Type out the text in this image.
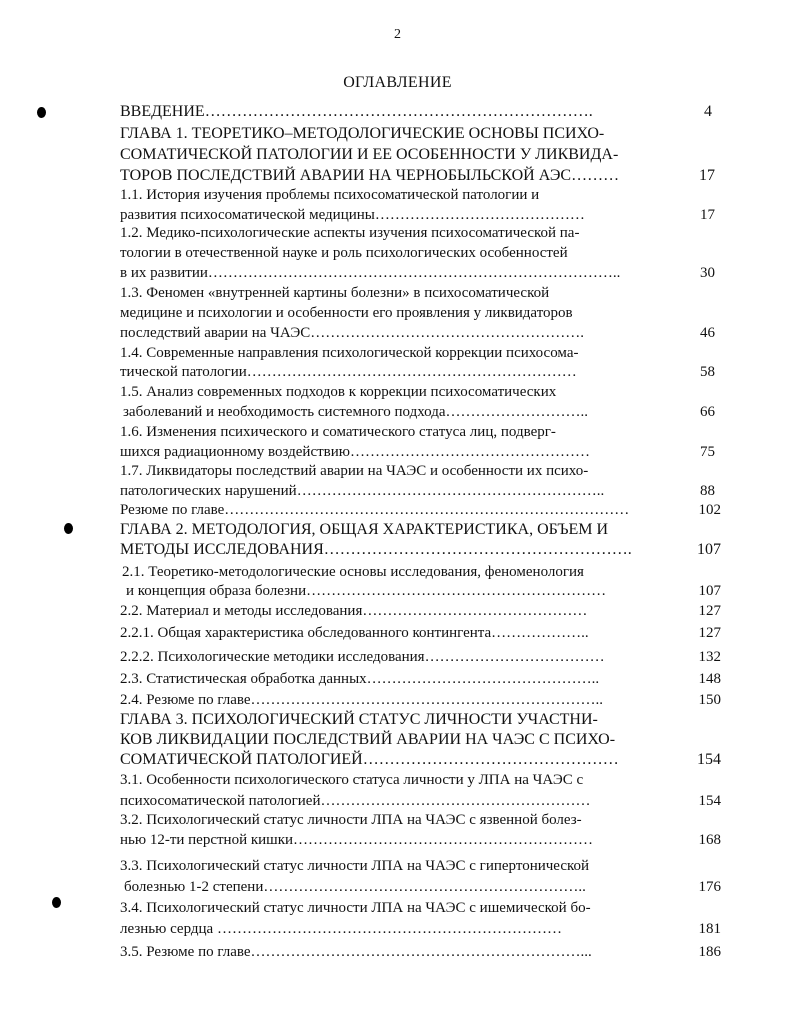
2
ОГЛАВЛЕНИЕ
ВВЕДЕНИЕ……………………………………………………………….	4
ГЛАВА 1. ТЕОРЕТИКО–МЕТОДОЛОГИЧЕСКИЕ ОСНОВЫ ПСИХО-
СОМАТИЧЕСКОЙ ПАТОЛОГИИ И ЕЕ ОСОБЕННОСТИ У ЛИКВИДА-
ТОРОВ ПОСЛЕДСТВИЙ АВАРИИ НА ЧЕРНОБЫЛЬСКОЙ АЭС………	17
1.1. История изучения проблемы психосоматической патологии и
развития психосоматической медицины……………………………………	17
1.2. Медико-психологические аспекты изучения психосоматической па-
тологии в отечественной науке и роль психологических особенностей
в их развитии………………………………………………………………………..	30
1.3. Феномен «внутренней картины болезни» в психосоматической
медицине и психологии и особенности его проявления у ликвидаторов
последствий аварии на ЧАЭС……………………………………………….	46
1.4. Современные направления психологической коррекции психосома-
тической патологии…………………………………………………………	58
1.5. Анализ современных подходов к коррекции психосоматических
заболеваний и необходимость системного подхода………………………..	66
1.6. Изменения психического и соматического статуса лиц, подверг-
шихся радиационному воздействию…………………………………………	75
1.7. Ликвидаторы последствий аварии на ЧАЭС и особенности их психо-
патологических нарушений……………………………………………………..	88
Резюме по главе………………………………………………………………………	102
ГЛАВА 2. МЕТОДОЛОГИЯ, ОБЩАЯ ХАРАКТЕРИСТИКА, ОБЪЕМ И
МЕТОДЫ ИССЛЕДОВАНИЯ………………………………………………….	107
2.1. Теоретико-методологические основы исследования, феноменология
и концепция образа болезни……………………………………………………	107
2.2. Материал и методы исследования………………………………………	127
2.2.1. Общая характеристика обследованного контингента………………..	127
2.2.2. Психологические методики исследования………………………………	132
2.3. Статистическая обработка данных………………………………………..	148
2.4. Резюме по главе……………………………………………………………..	150
ГЛАВА 3. ПСИХОЛОГИЧЕСКИЙ СТАТУС ЛИЧНОСТИ УЧАСТНИ-
КОВ ЛИКВИДАЦИИ ПОСЛЕДСТВИЙ АВАРИИ НА ЧАЭС С ПСИХО-
СОМАТИЧЕСКОЙ ПАТОЛОГИЕЙ…………………………………………	154
3.1. Особенности психологического статуса личности у ЛПА на ЧАЭС с
психосоматической патологией………………………………………………	154
3.2. Психологический статус личности ЛПА на ЧАЭС с язвенной болез-
нью 12-ти перстной кишки……………………………………………………	168
3.3. Психологический статус личности ЛПА на ЧАЭС с гипертонической
болезнью 1-2 степени………………………………………………………..	176
3.4. Психологический статус личности ЛПА на ЧАЭС с ишемической бо-
лезнью сердца ……………………………………………………………	181
3.5. Резюме по главе…………………………………………………………...	186
